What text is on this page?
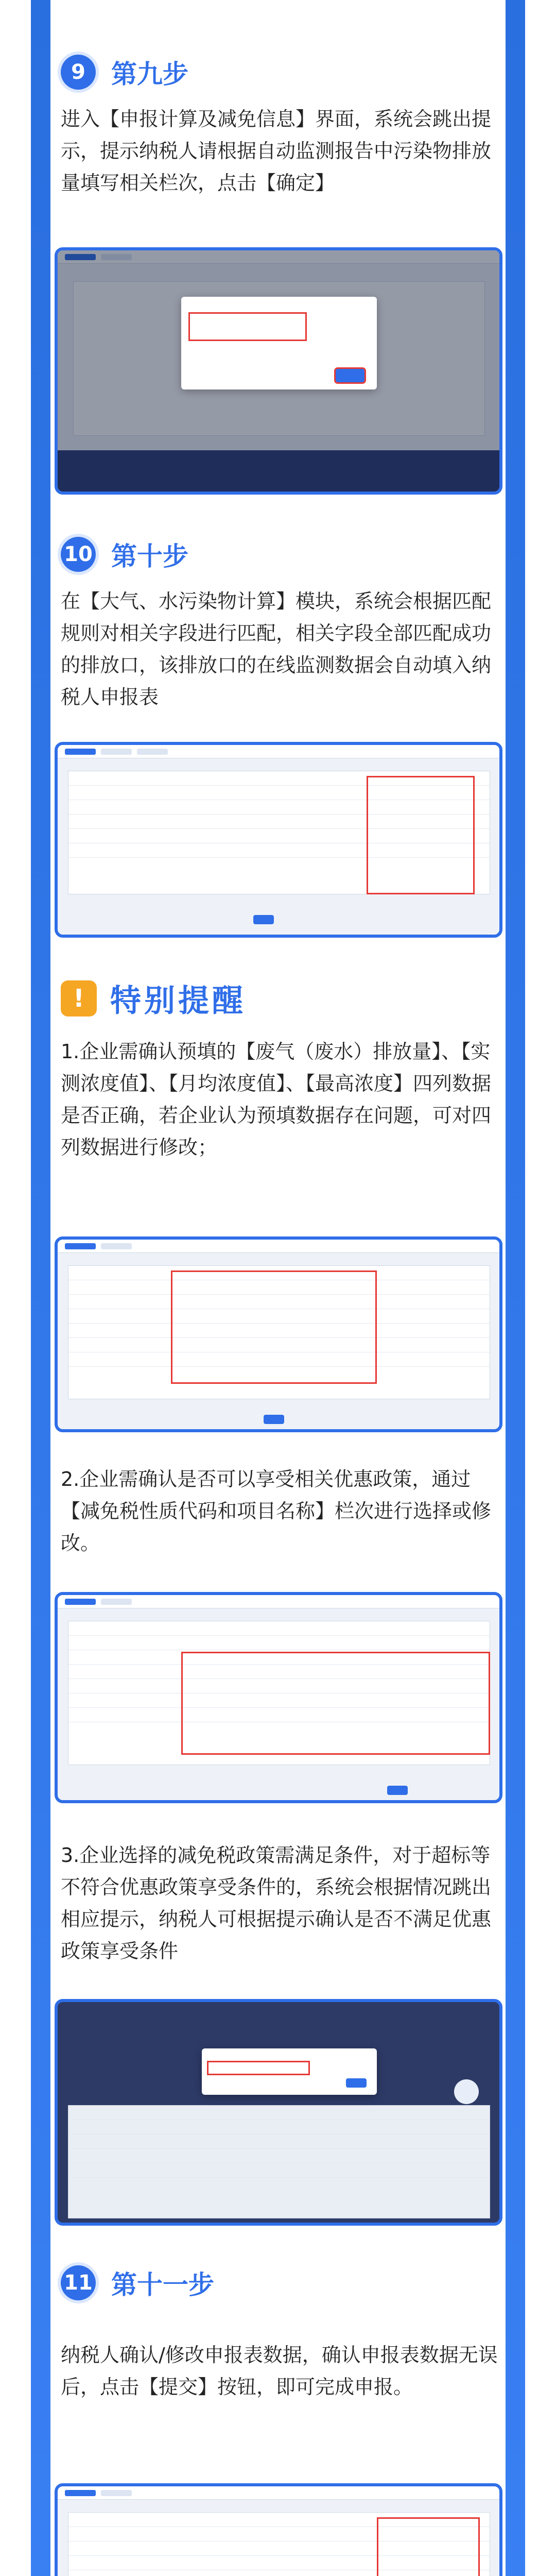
9	第九步
进入【申报计算及减免信息】界面，系统会跳出提示，提示纳税人请根据自动监测报告中污染物排放量填写相关栏次，点击【确定】
10 第十步
在【大气、水污染物计算】模块，系统会根据匹配规则对相关字段进行匹配，相关字段全部匹配成功的排放口，该排放口的在线监测数据会自动填入纳税人申报表
! 特别提醒
1.企业需确认预填的【废气（废水）排放量】、【实测浓度值】、【月均浓度值】、【最高浓度】四列数据是否正确，若企业认为预填数据存在问题，可对四列数据进行修改；
2.企业需确认是否可以享受相关优惠政策，通过【减免税性质代码和项目名称】栏次进行选择或修改。
3.企业选择的减免税政策需满足条件，对于超标等不符合优惠政策享受条件的，系统会根据情况跳出相应提示，纳税人可根据提示确认是否不满足优惠政策享受条件
11 第十一步
纳税人确认/修改申报表数据，确认申报表数据无误后，点击【提交】按钮，即可完成申报。
